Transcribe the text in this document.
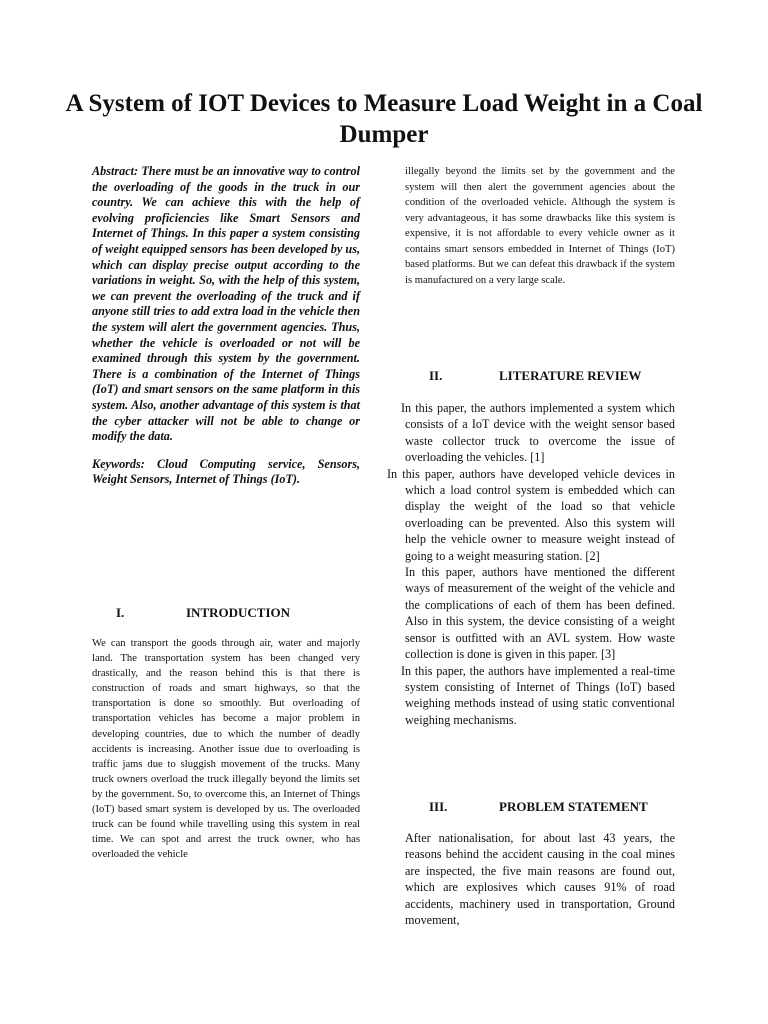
A System of IOT Devices to Measure Load Weight in a Coal Dumper

Abstract: There must be an innovative way to control the overloading of the goods in the truck in our country. We can achieve this with the help of evolving proficiencies like Smart Sensors and Internet of Things. In this paper a system consisting of weight equipped sensors has been developed by us, which can display precise output according to the variations in weight. So, with the help of this system, we can prevent the overloading of the truck and if anyone still tries to add extra load in the vehicle then the system will alert the government agencies. Thus, whether the vehicle is overloaded or not will be examined through this system by the government. There is a combination of the Internet of Things (IoT) and smart sensors on the same platform in this system. Also, another advantage of this system is that the cyber attacker will not be able to change or modify the data.

Keywords: Cloud Computing service, Sensors, Weight Sensors, Internet of Things (IoT).

I.	INTRODUCTION

We can transport the goods through air, water and majorly land. The transportation system has been changed very drastically, and the reason behind this is that there is construction of roads and smart highways, so that the transportation is done so smoothly. But overloading of transportation vehicles has become a major problem in developing countries, due to which the number of deadly accidents is increasing. Another issue due to overloading is traffic jams due to sluggish movement of the trucks. Many truck owners overload the truck illegally beyond the limits set by the government. So, to overcome this, an Internet of Things (IoT) based smart system is developed by us. The overloaded truck can be found while travelling using this system in real time. We can spot and arrest the truck owner, who has overloaded the vehicle

illegally beyond the limits set by the government and the system will then alert the government agencies about the condition of the overloaded vehicle. Although the system is very advantageous, it has some drawbacks like this system is expensive, it is not affordable to every vehicle owner as it contains smart sensors embedded in Internet of Things (IoT) based platforms. But we can defeat this drawback if the system is manufactured on a very large scale.

II.	LITERATURE REVIEW

In this paper, the authors implemented a system which consists of a IoT device with the weight sensor based waste collector truck to overcome the issue of overloading the vehicles. [1]

In this paper, authors have developed vehicle devices in which a load control system is embedded which can display the weight of the load so that vehicle overloading can be prevented. Also this system will help the vehicle owner to measure weight instead of going to a weight measuring station. [2]

In this paper, authors have mentioned the different ways of measurement of the weight of the vehicle and the complications of each of them has been defined. Also in this system, the device consisting of a weight sensor is outfitted with an AVL system. How waste collection is done is given in this paper. [3]

In this paper, the authors have implemented a real-time system consisting of Internet of Things (IoT) based weighing methods instead of using static conventional weighing mechanisms.

III.	PROBLEM STATEMENT

After nationalisation, for about last 43 years, the reasons behind the accident causing in the coal mines are inspected, the five main reasons are found out, which are explosives which causes 91% of road accidents, machinery used in transportation, Ground movement,
